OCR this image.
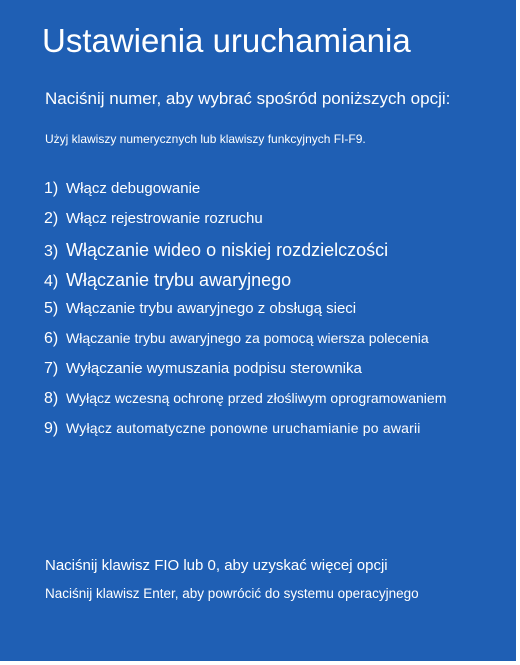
Ustawienia uruchamiania
Naciśnij numer, aby wybrać spośród poniższych opcji:
Użyj klawiszy numerycznych lub klawiszy funkcyjnych FI-F9.
1) Włącz debugowanie
2) Włącz rejestrowanie rozruchu
3) Włączanie wideo o niskiej rozdzielczości
4) Włączanie trybu awaryjnego
5) Włączanie trybu awaryjnego z obsługą sieci
6) Włączanie trybu awaryjnego za pomocą wiersza polecenia
7) Wyłączanie wymuszania podpisu sterownika
8) Wyłącz wczesną ochronę przed złośliwym oprogramowaniem
9) Wyłącz automatyczne ponowne uruchamianie po awarii
Naciśnij klawisz FIO lub 0, aby uzyskać więcej opcji
Naciśnij klawisz Enter, aby powrócić do systemu operacyjnego
